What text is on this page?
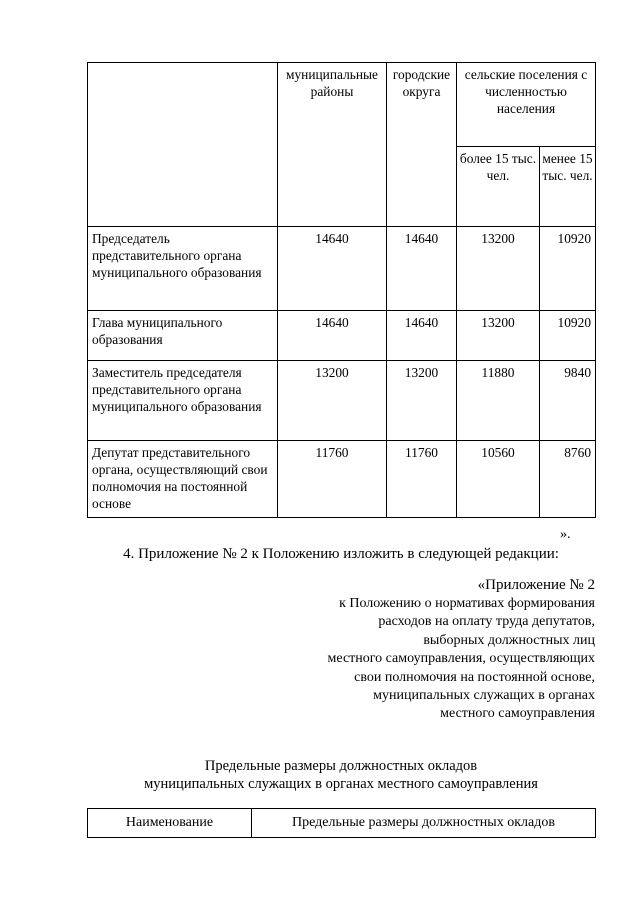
	муниципальные районы	городские округа	сельские поселения с численностью населения	
			более 15 тыс. чел.	менее 15 тыс. чел.
Председатель представительного органа муниципального образования	14640	14640	13200	10920
Глава муниципального образования	14640	14640	13200	10920
Заместитель председателя представительного органа муниципального образования	13200	13200	11880	9840
Депутат представительного органа, осуществляющий свои полномочия на постоянной основе	11760	11760	10560	8760
».
4. Приложение № 2 к Положению изложить в следующей редакции:
«Приложение № 2
к Положению о нормативах формирования
расходов на оплату труда депутатов,
выборных должностных лиц
местного самоуправления, осуществляющих
свои полномочия на постоянной основе,
муниципальных служащих в органах
местного самоуправления
Предельные размеры должностных окладов
муниципальных служащих в органах местного самоуправления
Наименование	Предельные размеры должностных окладов
